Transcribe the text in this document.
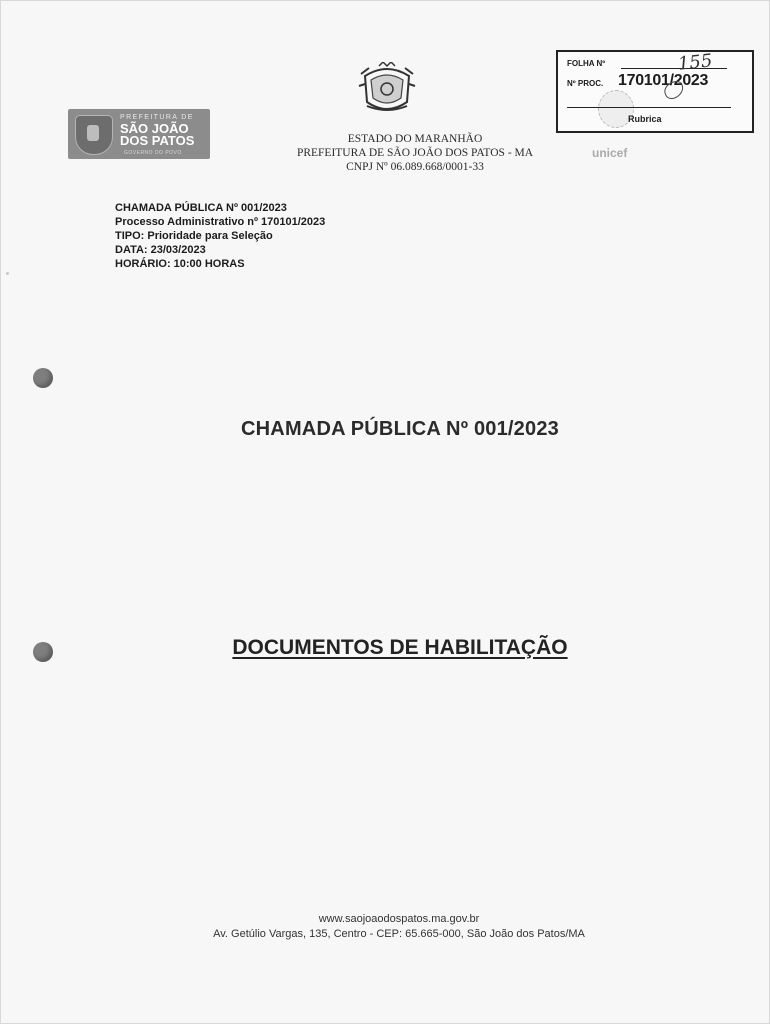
PREFEITURA DE
SÃO JOÃO
DOS PATOS
GOVERNO DO POVO
ESTADO DO MARANHÃO
PREFEITURA DE SÃO JOÃO DOS PATOS - MA
CNPJ Nº 06.089.668/0001-33
FOLHA Nº	155
Nº PROC. 170101/2023
Rubrica
unicef
CHAMADA PÚBLICA Nº 001/2023
Processo Administrativo nº 170101/2023
TIPO: Prioridade para Seleção
DATA: 23/03/2023
HORÁRIO: 10:00 HORAS
CHAMADA PÚBLICA Nº 001/2023
DOCUMENTOS DE HABILITAÇÃO
www.saojoaodospatos.ma.gov.br
Av. Getúlio Vargas, 135, Centro - CEP: 65.665-000, São João dos Patos/MA
